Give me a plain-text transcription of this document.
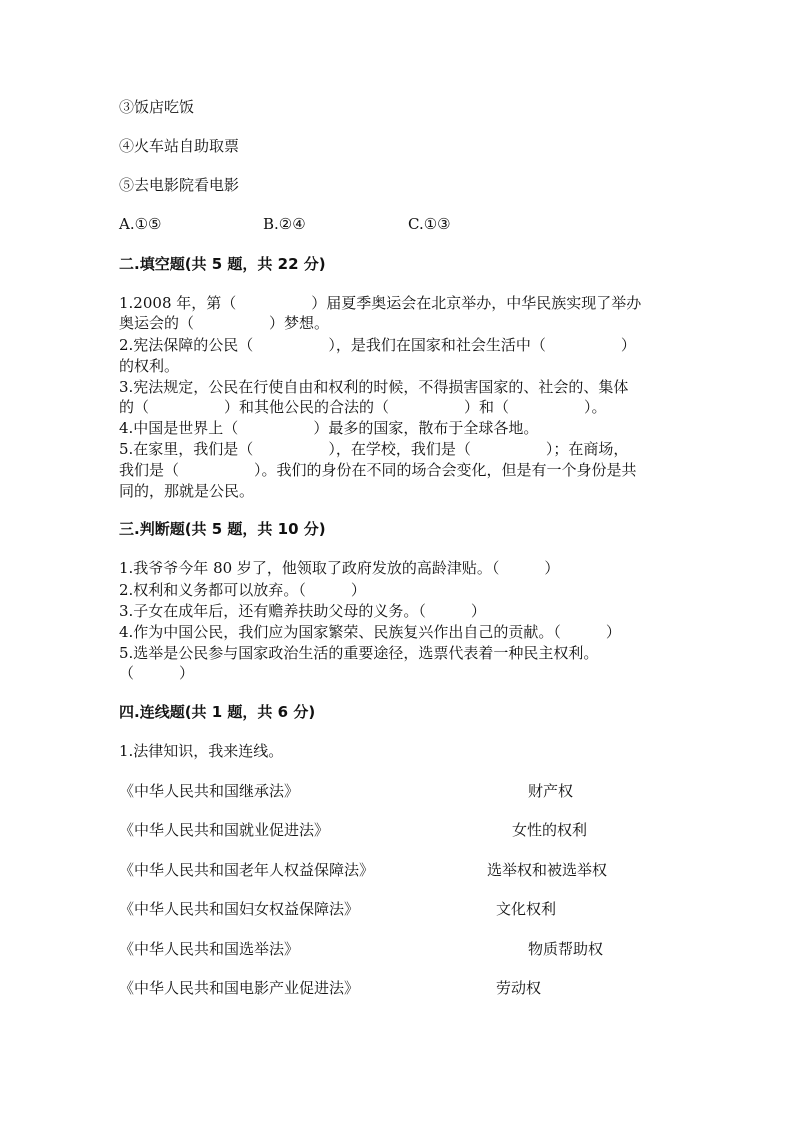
③饭店吃饭
④火车站自助取票
⑤去电影院看电影
A.①⑤	B.②④	C.①③
二.填空题(共 5 题，共 22 分)
1.2008 年，第（　　　　　）届夏季奥运会在北京举办，中华民族实现了举办
奥运会的（　　　　　）梦想。
2.宪法保障的公民（　　　　　），是我们在国家和社会生活中（　　　　　）
的权利。
3.宪法规定，公民在行使自由和权利的时候，不得损害国家的、社会的、集体
的（　　　　　）和其他公民的合法的（　　　　　）和（　　　　　）。
4.中国是世界上（　　　　　）最多的国家，散布于全球各地。
5.在家里，我们是（　　　　　），在学校，我们是（　　　　　）；在商场，
我们是（　　　　　）。我们的身份在不同的场合会变化，但是有一个身份是共
同的，那就是公民。
三.判断题(共 5 题，共 10 分)
1.我爷爷今年 80 岁了，他领取了政府发放的高龄津贴。（　　　）
2.权利和义务都可以放弃。（　　　）
3.子女在成年后，还有赡养扶助父母的义务。（　　　）
4.作为中国公民，我们应为国家繁荣、民族复兴作出自己的贡献。（　　　）
5.选举是公民参与国家政治生活的重要途径，选票代表着一种民主权利。
（　　　）
四.连线题(共 1 题，共 6 分)
1.法律知识，我来连线。
《中华人民共和国继承法》	财产权
《中华人民共和国就业促进法》	女性的权利
《中华人民共和国老年人权益保障法》	选举权和被选举权
《中华人民共和国妇女权益保障法》	文化权利
《中华人民共和国选举法》	物质帮助权
《中华人民共和国电影产业促进法》	劳动权
